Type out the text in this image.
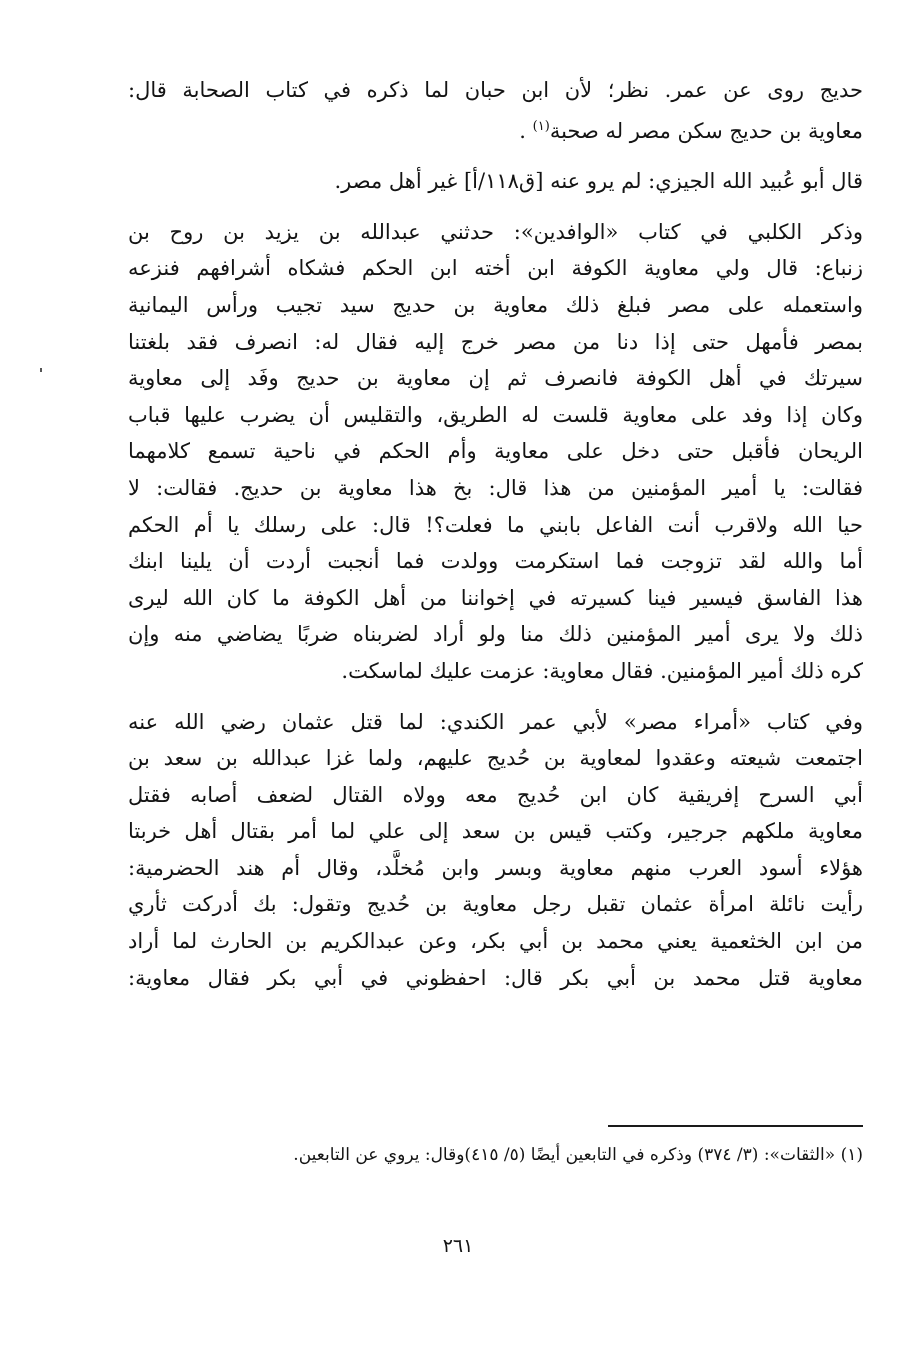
حديج روى عن عمر. نظر؛ لأن ابن حبان لما ذكره في كتاب الصحابة قال:
معاوية بن حديج سكن مصر له صحبة$^{(١)}$ .
قال أبو عُبيد الله الجيزي: لم يرو عنه [ق١١٨/أ] غير أهل مصر.
وذكر الكلبي في كتاب «الوافدين»: حدثني عبدالله بن يزيد بن روح بن
زنباع: قال ولي معاوية الكوفة ابن أخته ابن الحكم فشكاه أشرافهم فنزعه
واستعمله على مصر فبلغ ذلك معاوية بن حديج سيد تجيب ورأس اليمانية
بمصر فأمهل حتى إذا دنا من مصر خرج إليه فقال له: انصرف فقد بلغتنا
سيرتك في أهل الكوفة فانصرف ثم إن معاوية بن حديج وفَد إلى معاوية
وكان إذا وفد على معاوية قلست له الطريق، والتقليس أن يضرب عليها قباب
الريحان فأقبل حتى دخل على معاوية وأم الحكم في ناحية تسمع كلامهما
فقالت: يا أمير المؤمنين من هذا قال: بخ هذا معاوية بن حديج. فقالت: لا
حيا الله ولاقرب أنت الفاعل بابني ما فعلت؟! قال: على رسلك يا أم الحكم
أما والله لقد تزوجت فما استكرمت وولدت فما أنجبت أردت أن يلينا ابنك
هذا الفاسق فيسير فينا كسيرته في إخواننا من أهل الكوفة ما كان الله ليرى
ذلك ولا يرى أمير المؤمنين ذلك منا ولو أراد لضربناه ضربًا يضاضي منه وإن
كره ذلك أمير المؤمنين. فقال معاوية: عزمت عليك لماسكت.
وفي كتاب «أمراء مصر» لأبي عمر الكندي: لما قتل عثمان رضي الله عنه
اجتمعت شيعته وعقدوا لمعاوية بن حُديج عليهم، ولما غزا عبدالله بن سعد بن
أبي السرح إفريقية كان ابن حُديج معه وولاه القتال لضعف أصابه فقتل
معاوية ملكهم جرجير، وكتب قيس بن سعد إلى علي لما أمر بقتال أهل خربتا
هؤلاء أسود العرب منهم معاوية وبسر وابن مُخلَّد، وقال أم هند الحضرمية:
رأيت نائلة امرأة عثمان تقبل رجل معاوية بن حُديج وتقول: بك أدركت ثأري
من ابن الخثعمية يعني محمد بن أبي بكر، وعن عبدالكريم بن الحارث لما أراد
معاوية قتل محمد بن أبي بكر قال: احفظوني في أبي بكر فقال معاوية:
(١) «الثقات»: (٣/ ٣٧٤) وذكره في التابعين أيضًا (٥/ ٤١٥)وقال: يروي عن التابعين.
٢٦١
